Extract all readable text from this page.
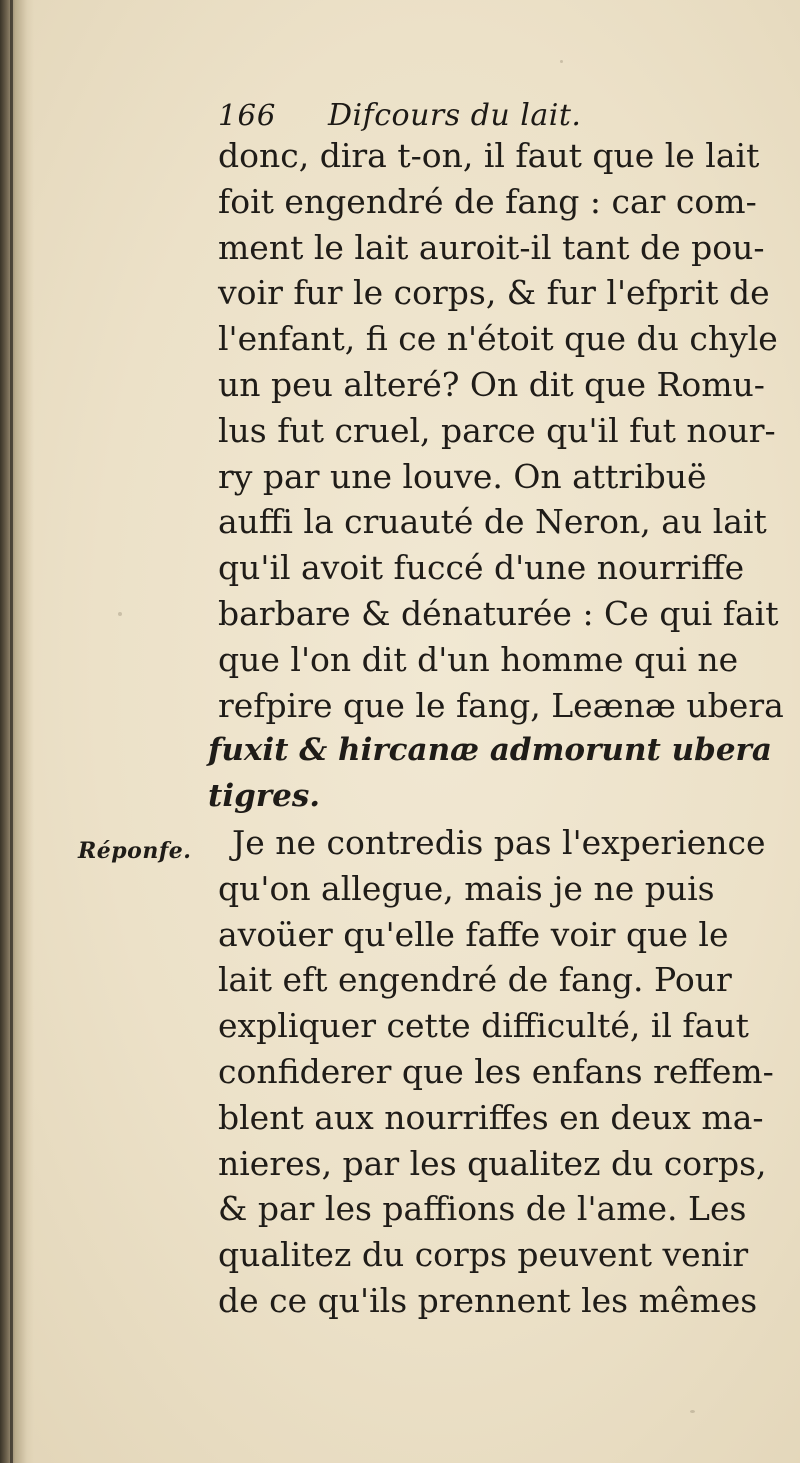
166 Difcours du lait.
Réponfe.
donc, dira t-on, il faut que le lait
foit engendré de fang : car com-
ment le lait auroit-il tant de pou-
voir fur le corps, & fur l'efprit de
l'enfant, fi ce n'étoit que du chyle
un peu alteré? On dit que Romu-
lus fut cruel, parce qu'il fut nour-
ry par une louve. On attribuë
auffi la cruauté de Neron, au lait
qu'il avoit fuccé d'une nourriffe
barbare & dénaturée : Ce qui fait
que l'on dit d'un homme qui ne
refpire que le fang, Leænæ ubera
fuxit & hircanæ admorunt ubera
tigres.
Je ne contredis pas l'experience
qu'on allegue, mais je ne puis
avoüer qu'elle faffe voir que le
lait eft engendré de fang. Pour
expliquer cette difficulté, il faut
confiderer que les enfans reffem-
blent aux nourriffes en deux ma-
nieres, par les qualitez du corps,
& par les paffions de l'ame. Les
qualitez du corps peuvent venir
de ce qu'ils prennent les mêmes
